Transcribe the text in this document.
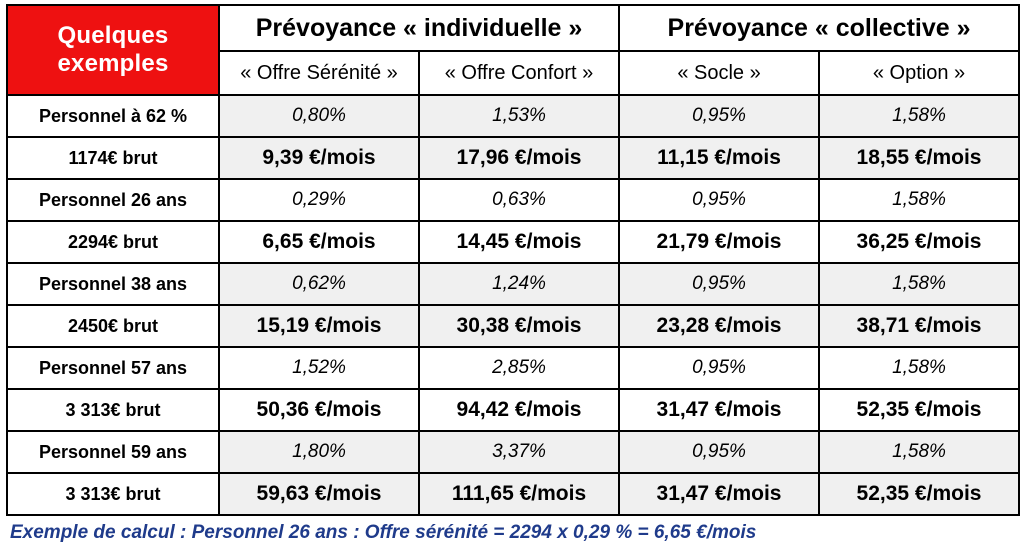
Quelques exemples	Prévoyance « individuelle »		Prévoyance « collective »	
	« Offre Sérénité »	« Offre Confort »	« Socle »	« Option »
Personnel à 62 %	0,80%	1,53%	0,95%	1,58%
1174€ brut	9,39 €/mois	17,96 €/mois	11,15 €/mois	18,55 €/mois
Personnel 26 ans	0,29%	0,63%	0,95%	1,58%
2294€ brut	6,65 €/mois	14,45 €/mois	21,79 €/mois	36,25 €/mois
Personnel 38 ans	0,62%	1,24%	0,95%	1,58%
2450€ brut	15,19 €/mois	30,38 €/mois	23,28 €/mois	38,71 €/mois
Personnel 57 ans	1,52%	2,85%	0,95%	1,58%
3 313€ brut	50,36 €/mois	94,42 €/mois	31,47 €/mois	52,35 €/mois
Personnel 59 ans	1,80%	3,37%	0,95%	1,58%
3 313€ brut	59,63 €/mois	111,65 €/mois	31,47 €/mois	52,35 €/mois
Exemple de calcul : Personnel 26 ans : Offre sérénité = 2294 x 0,29 % = 6,65 €/mois
